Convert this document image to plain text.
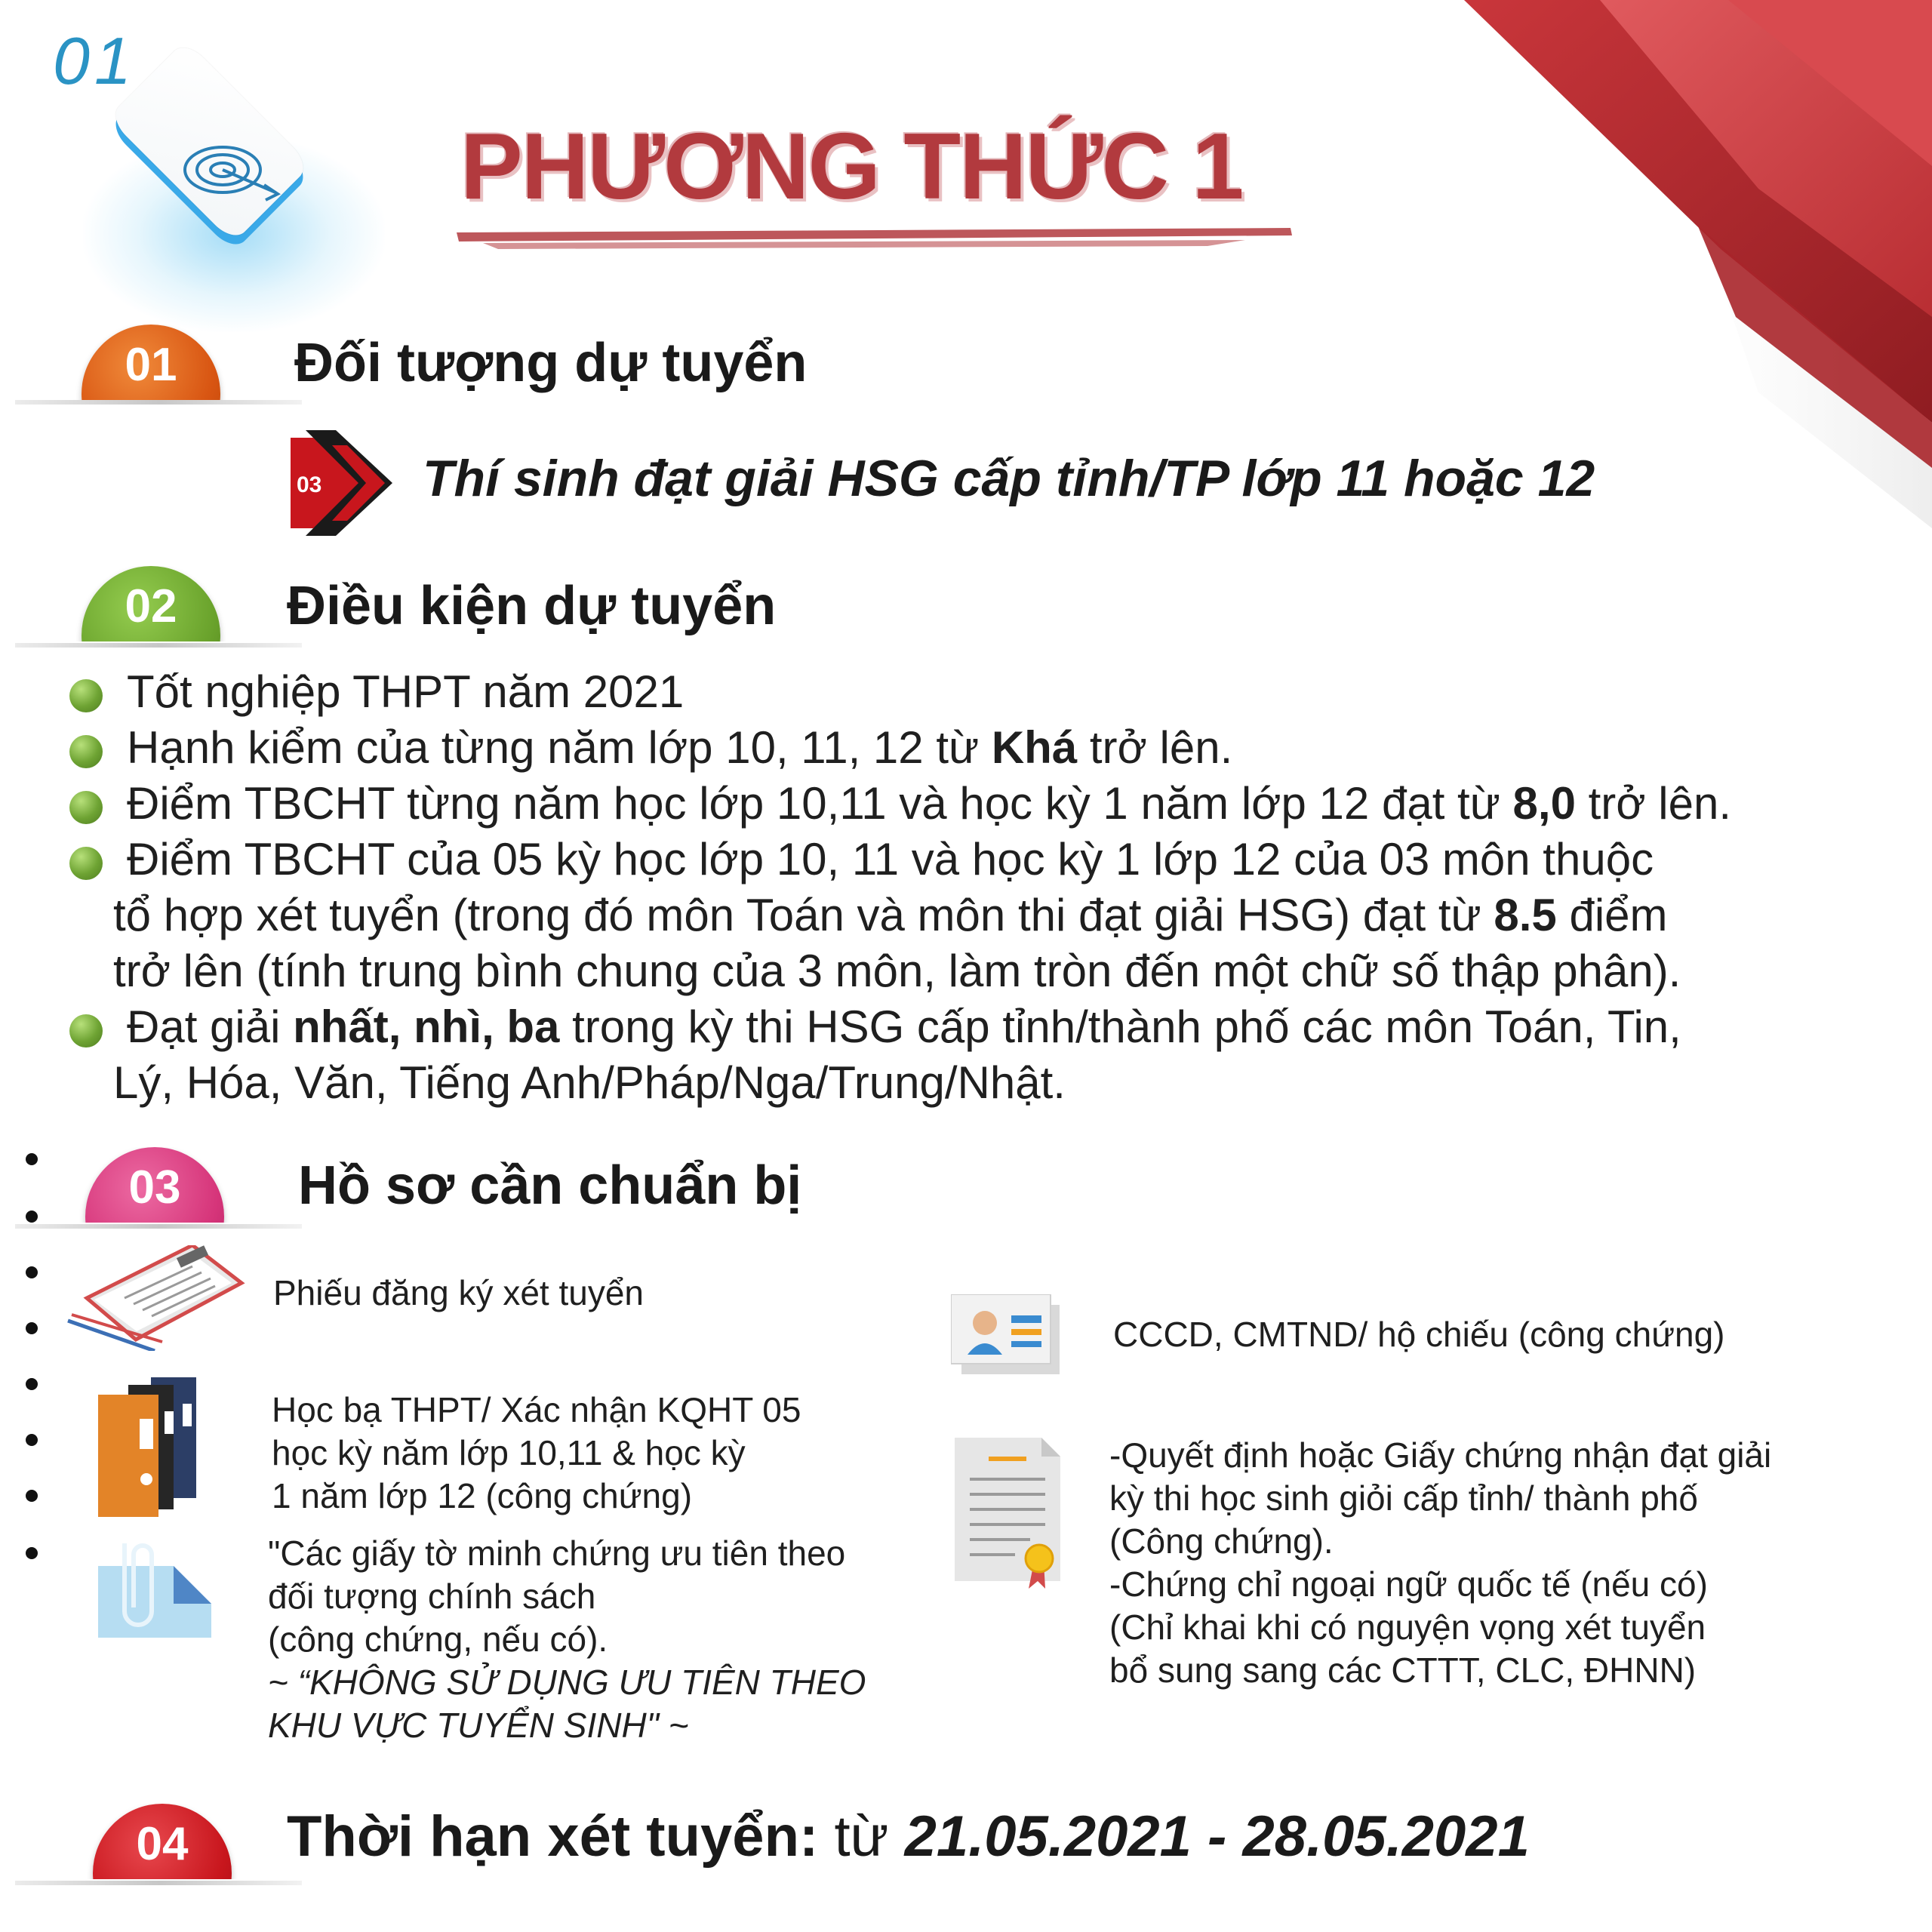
01
PHƯƠNG THỨC 1
01	Đối tượng dự tuyển
03 Thí sinh đạt giải HSG cấp tỉnh/TP lớp 11 hoặc 12
02	Điều kiện dự tuyển
Tốt nghiệp THPT năm 2021
Hạnh kiểm của từng năm lớp 10, 11, 12 từ Khá trở lên.
Điểm TBCHT từng năm học lớp 10,11 và học kỳ 1 năm lớp 12 đạt từ 8,0 trở lên.
Điểm TBCHT của 05 kỳ học lớp 10, 11 và học kỳ 1 lớp 12 của 03 môn thuộc
tổ hợp xét tuyển (trong đó môn Toán và môn thi đạt giải HSG) đạt từ 8.5 điểm
trở lên (tính trung bình chung của 3 môn, làm tròn đến một chữ số thập phân).
Đạt giải nhất, nhì, ba trong kỳ thi HSG cấp tỉnh/thành phố các môn Toán, Tin,
Lý, Hóa, Văn, Tiếng Anh/Pháp/Nga/Trung/Nhật.
03	Hồ sơ cần chuẩn bị
Phiếu đăng ký xét tuyển
Học bạ THPT/ Xác nhận KQHT 05
học kỳ năm lớp 10,11 & học kỳ
1 năm lớp 12 (công chứng)
"Các giấy tờ minh chứng ưu tiên theo
đối tượng chính sách
(công chứng, nếu có).
~ “KHÔNG SỬ DỤNG ƯU TIÊN THEO
KHU VỰC TUYỂN SINH" ~
CCCD, CMTND/ hộ chiếu (công chứng)
-Quyết định hoặc Giấy chứng nhận đạt giải
kỳ thi học sinh giỏi cấp tỉnh/ thành phố
(Công chứng).
-Chứng chỉ ngoại ngữ quốc tế (nếu có)
(Chỉ khai khi có nguyện vọng xét tuyển
bổ sung sang các CTTT, CLC, ĐHNN)
04	Thời hạn xét tuyển: từ 21.05.2021 - 28.05.2021
